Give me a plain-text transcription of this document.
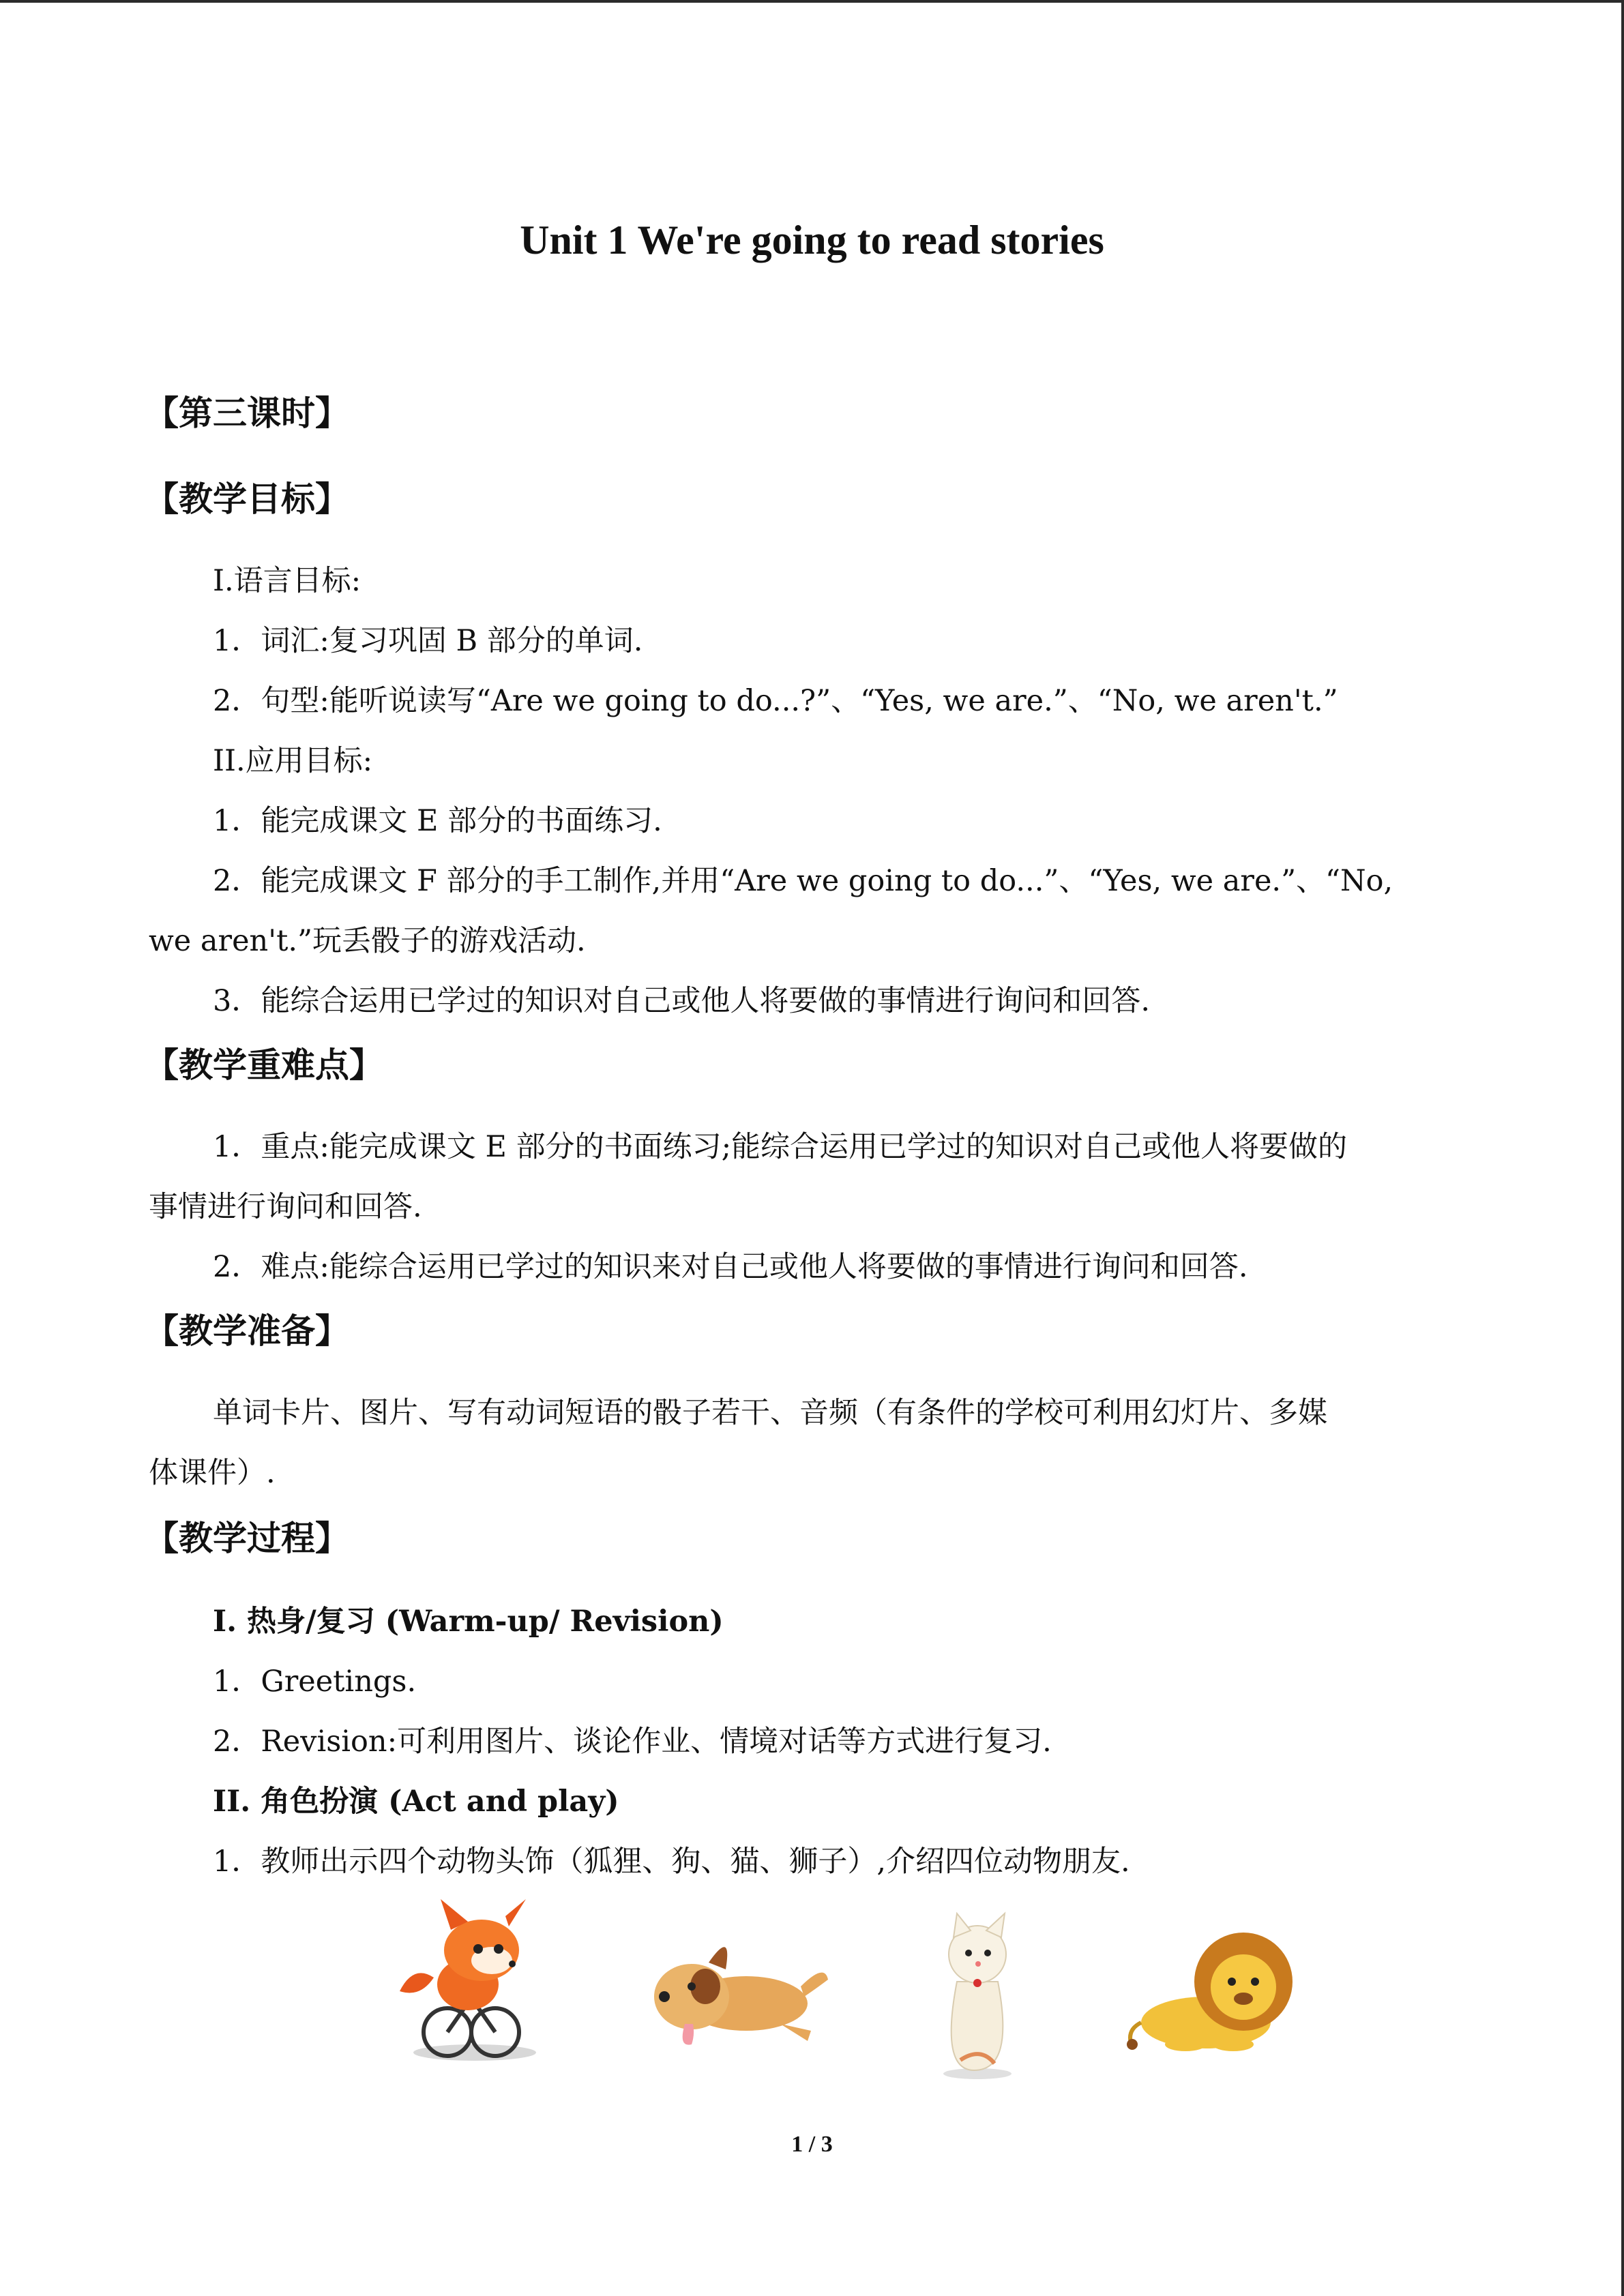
Unit 1 We're going to read stories
【第三课时】
【教学目标】
I.语言目标:
1．词汇:复习巩固 B 部分的单词.
2．句型:能听说读写“Are we going to do...?”、“Yes, we are.”、“No, we aren't.”
II.应用目标:
1．能完成课文 E 部分的书面练习.
2．能完成课文 F 部分的手工制作,并用“Are we going to do...”、“Yes, we are.”、“No,
we aren't.”玩丢骰子的游戏活动.
3．能综合运用已学过的知识对自己或他人将要做的事情进行询问和回答.
【教学重难点】
1．重点:能完成课文 E 部分的书面练习;能综合运用已学过的知识对自己或他人将要做的
事情进行询问和回答.
2．难点:能综合运用已学过的知识来对自己或他人将要做的事情进行询问和回答.
【教学准备】
单词卡片、图片、写有动词短语的骰子若干、音频（有条件的学校可利用幻灯片、多媒
体课件）.
【教学过程】
I. 热身/复习 (Warm-up/ Revision)
1．Greetings.
2．Revision:可利用图片、谈论作业、情境对话等方式进行复习.
II. 角色扮演 (Act and play)
1．教师出示四个动物头饰（狐狸、狗、猫、狮子）,介绍四位动物朋友.
1 / 3
